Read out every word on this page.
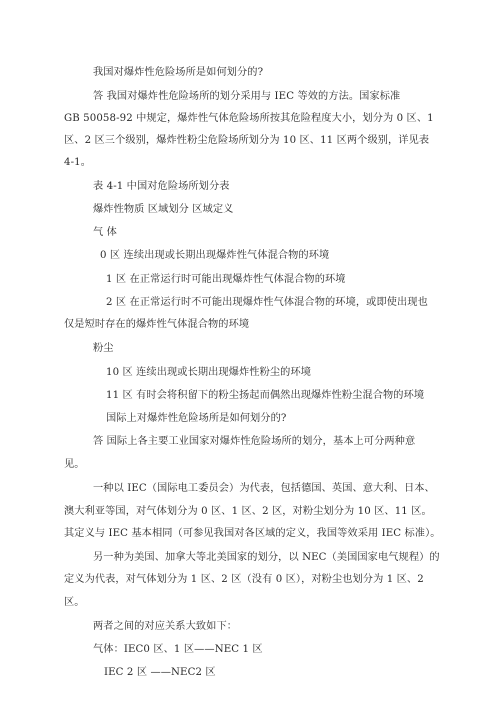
我国对爆炸性危险场所是如何划分的?
答 我国对爆炸性危险场所的划分采用与 IEC 等效的方法。国家标准
GB 50058-92 中规定，爆炸性气体危险场所按其危险程度大小，划分为 0 区、1
区、2 区三个级别，爆炸性粉尘危险场所划分为 10 区、11 区两个级别，详见表
4-1。
表 4-1 中国对危险场所划分表
爆炸性物质 区域划分 区域定义
气 体
0 区 连续出现或长期出现爆炸性气体混合物的环境
1 区 在正常运行时可能出现爆炸性气体混合物的环境
2 区 在正常运行时不可能出现爆炸性气体混合物的环境，或即使出现也
仅是短时存在的爆炸性气体混合物的环境
粉尘
10 区 连续出现或长期出现爆炸性粉尘的环境
11 区 有时会将积留下的粉尘扬起而偶然出现爆炸性粉尘混合物的环境
国际上对爆炸性危险场所是如何划分的?
答 国际上各主要工业国家对爆炸性危险场所的划分，基本上可分两种意
见。
一种以 IEC（国际电工委员会）为代表，包括德国、英国、意大利、日本、
澳大利亚等国，对气体划分为 0 区、1 区、2 区，对粉尘划分为 10 区、11 区。
其定义与 IEC 基本相同（可参见我国对各区域的定义，我国等效采用 IEC 标准）。
另一种为美国、加拿大等北美国家的划分，以 NEC（美国国家电气规程）的
定义为代表，对气体划分为 1 区、2 区（没有 0 区），对粉尘也划分为 1 区、2
区。
两者之间的对应关系大致如下：
气体：IEC0 区、1 区——NEC 1 区
IEC 2 区 ——NEC2 区
